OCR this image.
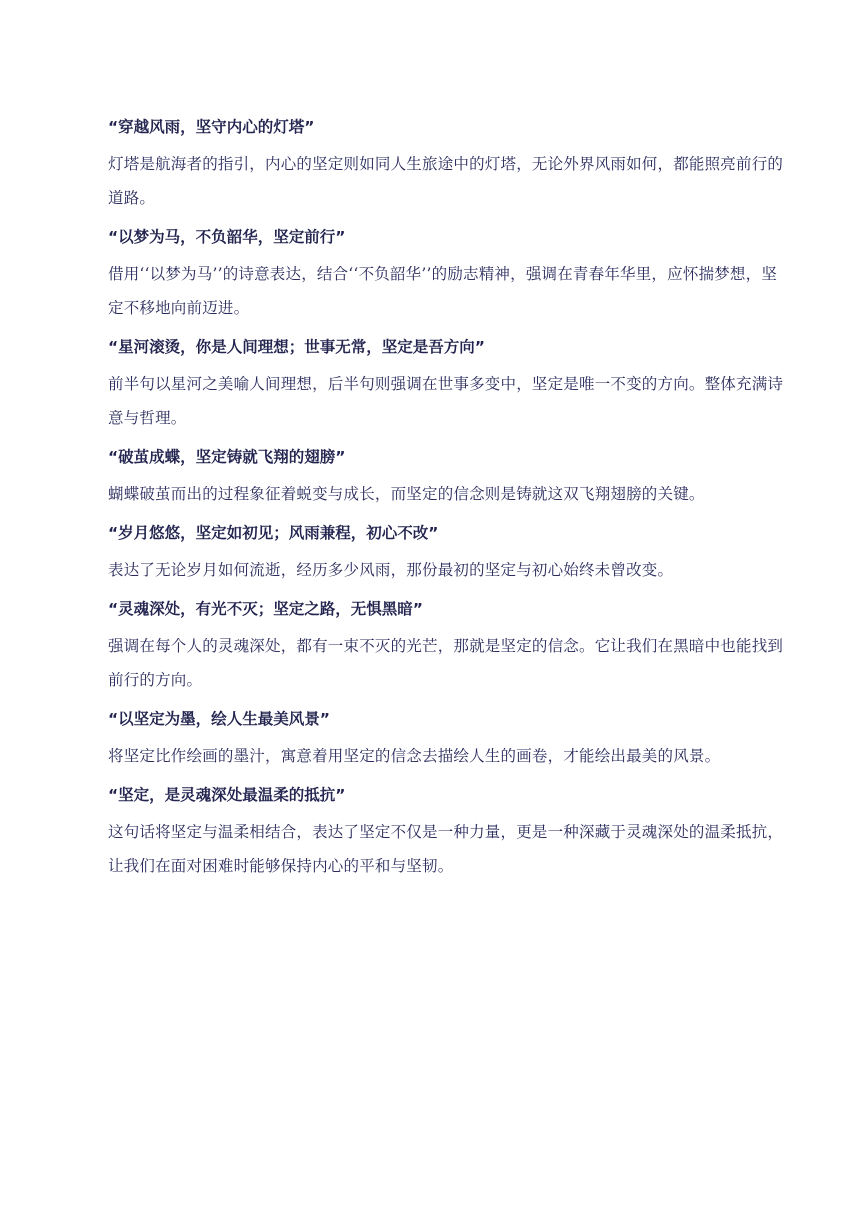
“穿越风雨，坚守内心的灯塔”

灯塔是航海者的指引，内心的坚定则如同人生旅途中的灯塔，无论外界风雨如何，都能照亮前行的道路。

“以梦为马，不负韶华，坚定前行”

借用‘‘以梦为马’’的诗意表达，结合‘‘不负韶华’’的励志精神，强调在青春年华里，应怀揣梦想，坚定不移地向前迈进。

“星河滚烫，你是人间理想；世事无常，坚定是吾方向”

前半句以星河之美喻人间理想，后半句则强调在世事多变中，坚定是唯一不变的方向。整体充满诗意与哲理。

“破茧成蝶，坚定铸就飞翔的翅膀”

蝴蝶破茧而出的过程象征着蜕变与成长，而坚定的信念则是铸就这双飞翔翅膀的关键。

“岁月悠悠，坚定如初见；风雨兼程，初心不改”

表达了无论岁月如何流逝，经历多少风雨，那份最初的坚定与初心始终未曾改变。

“灵魂深处，有光不灭；坚定之路，无惧黑暗”

强调在每个人的灵魂深处，都有一束不灭的光芒，那就是坚定的信念。它让我们在黑暗中也能找到前行的方向。

“以坚定为墨，绘人生最美风景”

将坚定比作绘画的墨汁，寓意着用坚定的信念去描绘人生的画卷，才能绘出最美的风景。

“坚定，是灵魂深处最温柔的抵抗”

这句话将坚定与温柔相结合，表达了坚定不仅是一种力量，更是一种深藏于灵魂深处的温柔抵抗，让我们在面对困难时能够保持内心的平和与坚韧。
